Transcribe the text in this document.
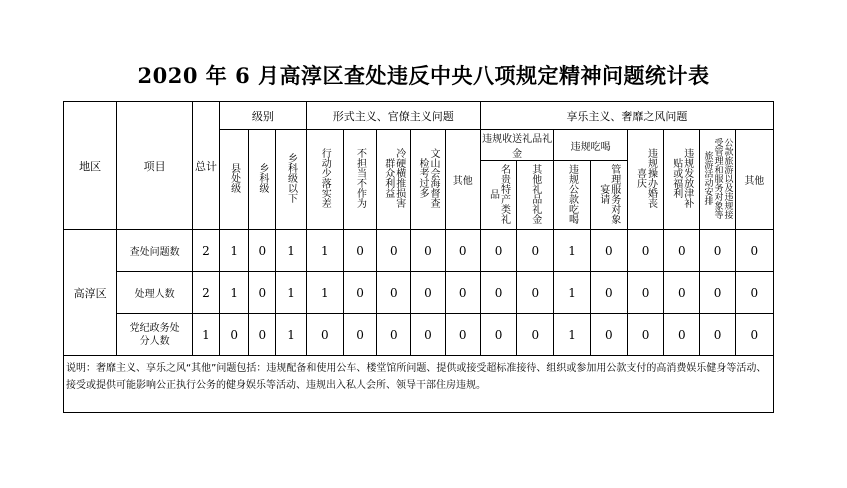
2020 年 6 月高淳区查处违反中央八项规定精神问题统计表
地区	项目	总计	级别			形式主义、官僚主义问题					享乐主义、奢靡之风问题							
			县处级	乡科级	乡科级以下	行动少落实差	不担当不作为	冷硬横推损害群众利益	文山会海督查检考过多	其他	违规收送礼品礼金		违规吃喝		违规操办婚丧喜庆	违规发放津补贴或福利	公款旅游以及违规接受管理和服务对象等旅游活动安排	其他
											名贵特产类礼品	其他礼品礼金	违规公款吃喝	管理服务对象宴请				
高淳区	查处问题数	2	1	0	1	1	0	0	0	0	0	0	1	0	0	0	0	0
	处理人数	2	1	0	1	1	0	0	0	0	0	0	1	0	0	0	0	0
	党纪政务处分人数	1	0	0	1	0	0	0	0	0	0	0	1	0	0	0	0	0
说明：奢靡主义、享乐之风“其他”问题包括：违规配备和使用公车、楼堂馆所问题、提供或接受超标准接待、组织或参加用公款支付的高消费娱乐健身等活动、接受或提供可能影响公正执行公务的健身娱乐等活动、违规出入私人会所、领导干部住房违规。																		
